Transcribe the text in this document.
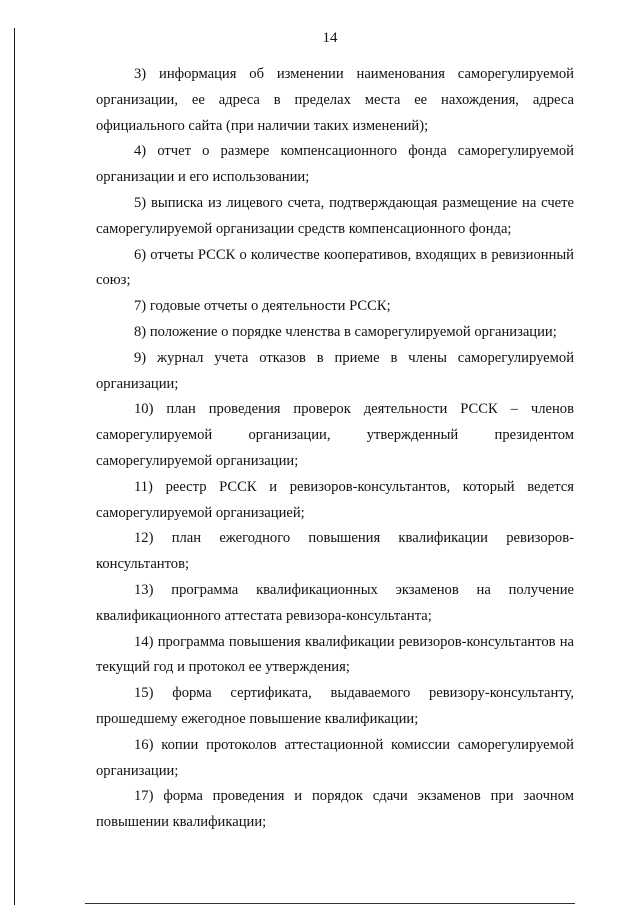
14

3) информация об изменении наименования саморегулируемой организации, ее адреса в пределах места ее нахождения, адреса официального сайта (при наличии таких изменений);

4) отчет о размере компенсационного фонда саморегулируемой организации и его использовании;

5) выписка из лицевого счета, подтверждающая размещение на счете саморегулируемой организации средств компенсационного фонда;

6) отчеты РССК о количестве кооперативов, входящих в ревизионный союз;

7) годовые отчеты о деятельности РССК;

8) положение о порядке членства в саморегулируемой организации;

9) журнал учета отказов в приеме в члены саморегулируемой организации;

10) план проведения проверок деятельности РССК – членов саморегулируемой организации, утвержденный президентом саморегулируемой организации;

11) реестр РССК и ревизоров-консультантов, который ведется саморегулируемой организацией;

12) план ежегодного повышения квалификации ревизоров-консультантов;

13) программа квалификационных экзаменов на получение квалификационного аттестата ревизора-консультанта;

14) программа повышения квалификации ревизоров-консультантов на текущий год и протокол ее утверждения;

15) форма сертификата, выдаваемого ревизору-консультанту, прошедшему ежегодное повышение квалификации;

16) копии протоколов аттестационной комиссии саморегулируемой организации;

17) форма проведения и порядок сдачи экзаменов при заочном повышении квалификации;
